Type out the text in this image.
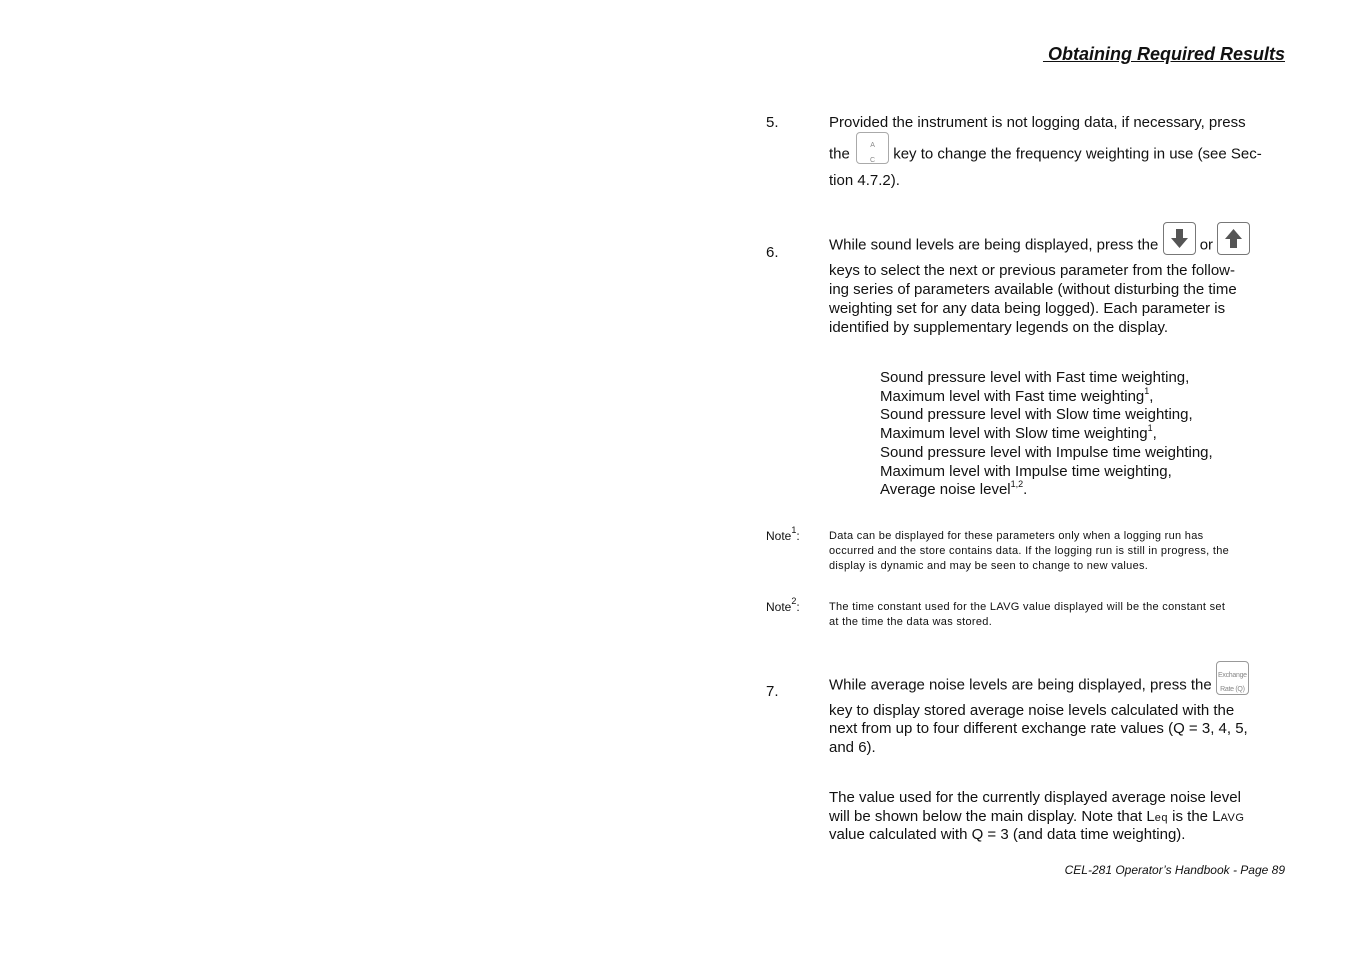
Obtaining Required Results
5.	Provided the instrument is not logging data, if necessary, press
the	A
C key to change the frequency weighting in use (see Sec-
tion 4.7.2).
6.	While sound levels are being displayed, press the  or
keys to select the next or previous parameter from the follow-
ing series of parameters available (without disturbing the time
weighting set for any data being logged). Each parameter is
identified by supplementary legends on the display.
Sound pressure level with Fast time weighting,
Maximum level with Fast time weighting$^1$,
Sound pressure level with Slow time weighting,
Maximum level with Slow time weighting$^1$,
Sound pressure level with Impulse time weighting,
Maximum level with Impulse time weighting,
Average noise level$^{1,2}$.
Note$^1$:	Data can be displayed for these parameters only when a logging run has
occurred and the store contains data. If the logging run is still in progress, the
display is dynamic and may be seen to change to new values.
Note$^2$:	The time constant used for the LAVG value displayed will be the constant set
at the time the data was stored.
7.	While average noise levels are being displayed, press the
Exchange
Rate (Q)
key to display stored average noise levels calculated with the
next from up to four different exchange rate values (Q = 3, 4, 5,
and 6).
The value used for the currently displayed average noise level
will be shown below the main display. Note that Leq is the LAVG
value calculated with Q = 3 (and data time weighting).
CEL-281 Operator’s Handbook - Page 89
